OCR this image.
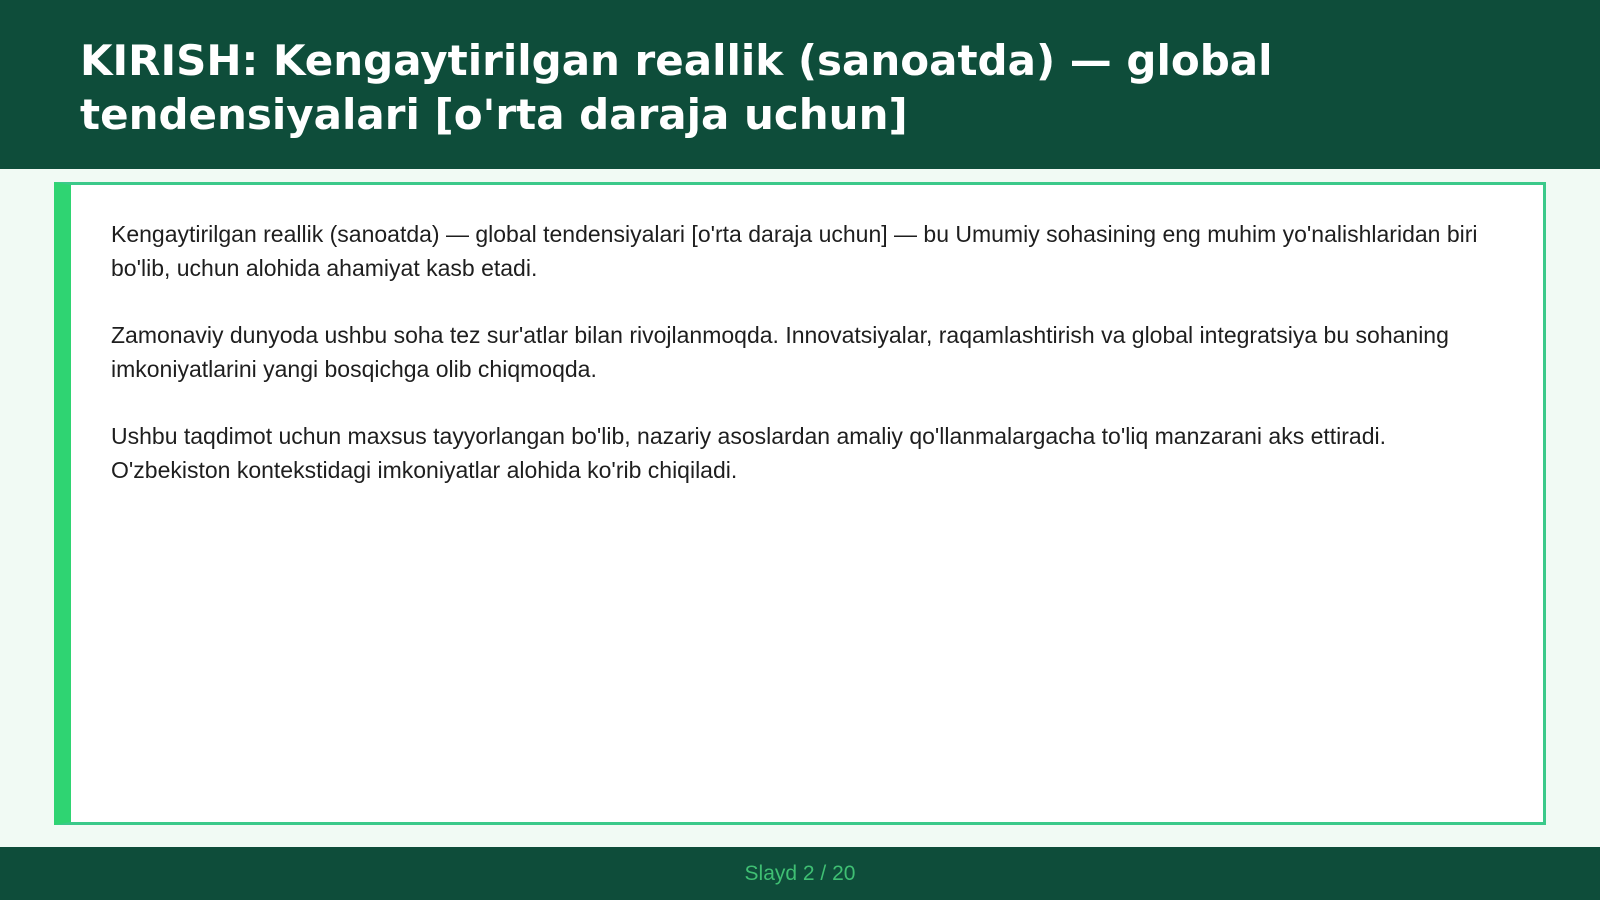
KIRISH: Kengaytirilgan reallik (sanoatda) — global tendensiyalari [o'rta daraja uchun]

Kengaytirilgan reallik (sanoatda) — global tendensiyalari [o'rta daraja uchun] — bu Umumiy sohasining eng muhim yo'nalishlaridan biri bo'lib, uchun alohida ahamiyat kasb etadi.

Zamonaviy dunyoda ushbu soha tez sur'atlar bilan rivojlanmoqda. Innovatsiyalar, raqamlashtirish va global integratsiya bu sohaning imkoniyatlarini yangi bosqichga olib chiqmoqda.

Ushbu taqdimot uchun maxsus tayyorlangan bo'lib, nazariy asoslardan amaliy qo'llanmalargacha to'liq manzarani aks ettiradi. O'zbekiston kontekstidagi imkoniyatlar alohida ko'rib chiqiladi.

Slayd 2 / 20
